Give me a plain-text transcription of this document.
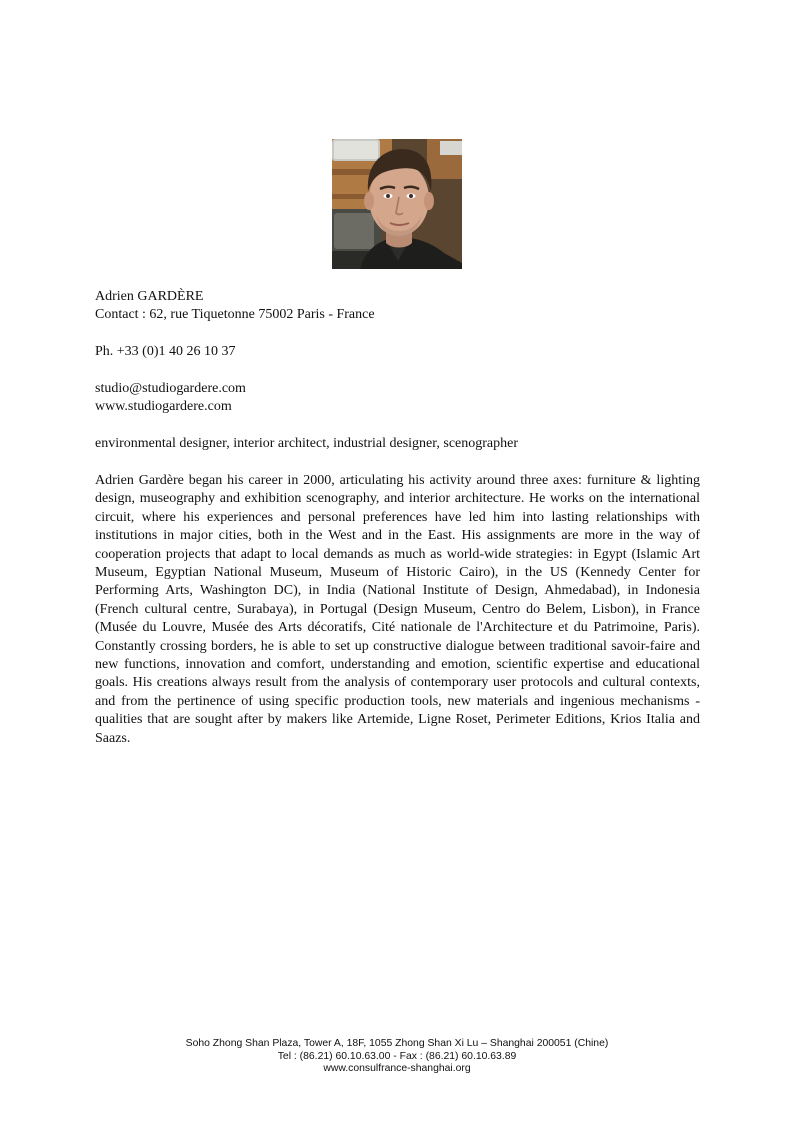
Adrien GARDÈRE

Contact : 62, rue Tiquetonne 75002 Paris - France

Ph. +33 (0)1 40 26 10 37

studio@studiogardere.com

www.studiogardere.com

environmental designer, interior architect, industrial designer, scenographer

Adrien Gardère began his career in 2000, articulating his activity around three axes: furniture & lighting design, museography and exhibition scenography, and interior architecture. He works on the international circuit, where his experiences and personal preferences have led him into lasting relationships with institutions in major cities, both in the West and in the East. His assignments are more in the way of cooperation projects that adapt to local demands as much as world-wide strategies: in Egypt (Islamic Art Museum, Egyptian National Museum, Museum of Historic Cairo), in the US (Kennedy Center for Performing Arts, Washington DC), in India (National Institute of Design, Ahmedabad), in Indonesia (French cultural centre, Surabaya), in Portugal (Design Museum, Centro do Belem, Lisbon), in France (Musée du Louvre, Musée des Arts décoratifs, Cité nationale de l'Architecture et du Patrimoine, Paris). Constantly crossing borders, he is able to set up constructive dialogue between traditional savoir-faire and new functions, innovation and comfort, understanding and emotion, scientific expertise and educational goals. His creations always result from the analysis of contemporary user protocols and cultural contexts, and from the pertinence of using specific production tools, new materials and ingenious mechanisms - qualities that are sought after by makers like Artemide, Ligne Roset, Perimeter Editions, Krios Italia and Saazs.

Soho Zhong Shan Plaza, Tower A, 18F, 1055 Zhong Shan Xi Lu – Shanghai 200051 (Chine)

Tel : (86.21) 60.10.63.00 - Fax : (86.21) 60.10.63.89

www.consulfrance-shanghai.org
